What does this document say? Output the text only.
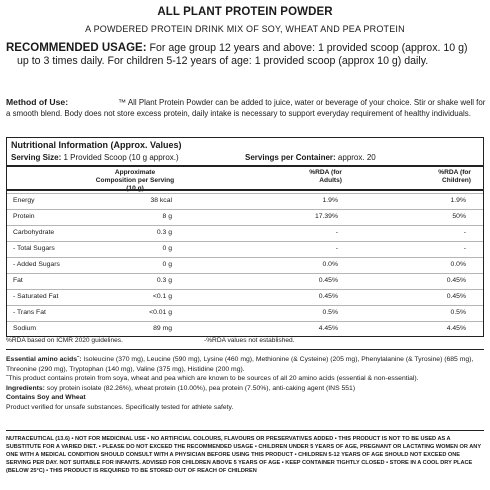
ALL PLANT PROTEIN POWDER
A POWDERED PROTEIN DRINK MIX OF SOY, WHEAT AND PEA PROTEIN
RECOMMENDED USAGE: For age group 12 years and above: 1 provided scoop (approx. 10 g)
up to 3 times daily. For children 5-12 years of age: 1 provided scoop (approx 10 g) daily.
Method of Use:	™ All Plant Protein Powder can be added to juice, water or beverage of your choice. Stir or shake well for a smooth blend. Body does not store excess protein, daily intake is necessary to support everyday requirement of healthy individuals.
Nutritional Information (Approx. Values)
Serving Size: 1 Provided Scoop (10 g approx.)	Servings per Container: approx. 20
Approximate Composition per Serving
%RDA (for Adults)
%RDA (for Children)
Energy	38 kcal	1.9%	1.9%
Protein	8 g	17.39%	50%
Carbohydrate	0.3 g	-	-
- Total Sugars	0 g	-	-
- Added Sugars	0 g	0.0%	0.0%
Fat	0.3 g	0.45%	0.45%
- Saturated Fat	<0.1 g	0.45%	0.45%
- Trans Fat	<0.01 g	0.5%	0.5%
Sodium	89 mg	4.45%	4.45%
%RDA based on ICMR 2020 guidelines.	-%RDA values not established.
Essential amino acidsˆ: Isoleucine (370 mg), Leucine (590 mg), Lysine (460 mg), Methionine (& Cysteine) (205 mg), Phenylalanine (& Tyrosine) (685 mg), Threonine (290 mg), Tryptophan (140 mg), Valine (375 mg), Histidine (200 mg).
ˆThis product contains protein from soya, wheat and pea which are known to be sources of all 20 amino acids (essential & non-essential).
Ingredients: soy protein isolate (82.26%), wheat protein (10.00%), pea protein (7.50%), anti-caking agent (INS 551)
Contains Soy and Wheat
Product verified for unsafe substances. Specifically tested for athlete safety.
NUTRACEUTICAL (13.6) • NOT FOR MEDICINAL USE • NO ARTIFICIAL COLOURS, FLAVOURS OR PRESERVATIVES ADDED • THIS PRODUCT IS NOT TO BE USED AS A SUBSTITUTE FOR A VARIED DIET. • PLEASE DO NOT EXCEED THE RECOMMENDED USAGE • CHILDREN UNDER 5 YEARS OF AGE, PREGNANT OR LACTATING WOMEN OR ANY ONE WITH A MEDICAL CONDITION SHOULD CONSULT WITH A PHYSICIAN BEFORE USING THIS PRODUCT • CHILDREN 5-12 YEARS OF AGE SHOULD NOT EXCEED ONE SERVING PER DAY. NOT SUITABLE FOR INFANTS. ADVISED FOR CHILDREN ABOVE 5 YEARS OF AGE • KEEP CONTAINER TIGHTLY CLOSED • STORE IN A COOL DRY PLACE (BELOW 25°C) • THIS PRODUCT IS REQUIRED TO BE STORED OUT OF REACH OF CHILDREN
